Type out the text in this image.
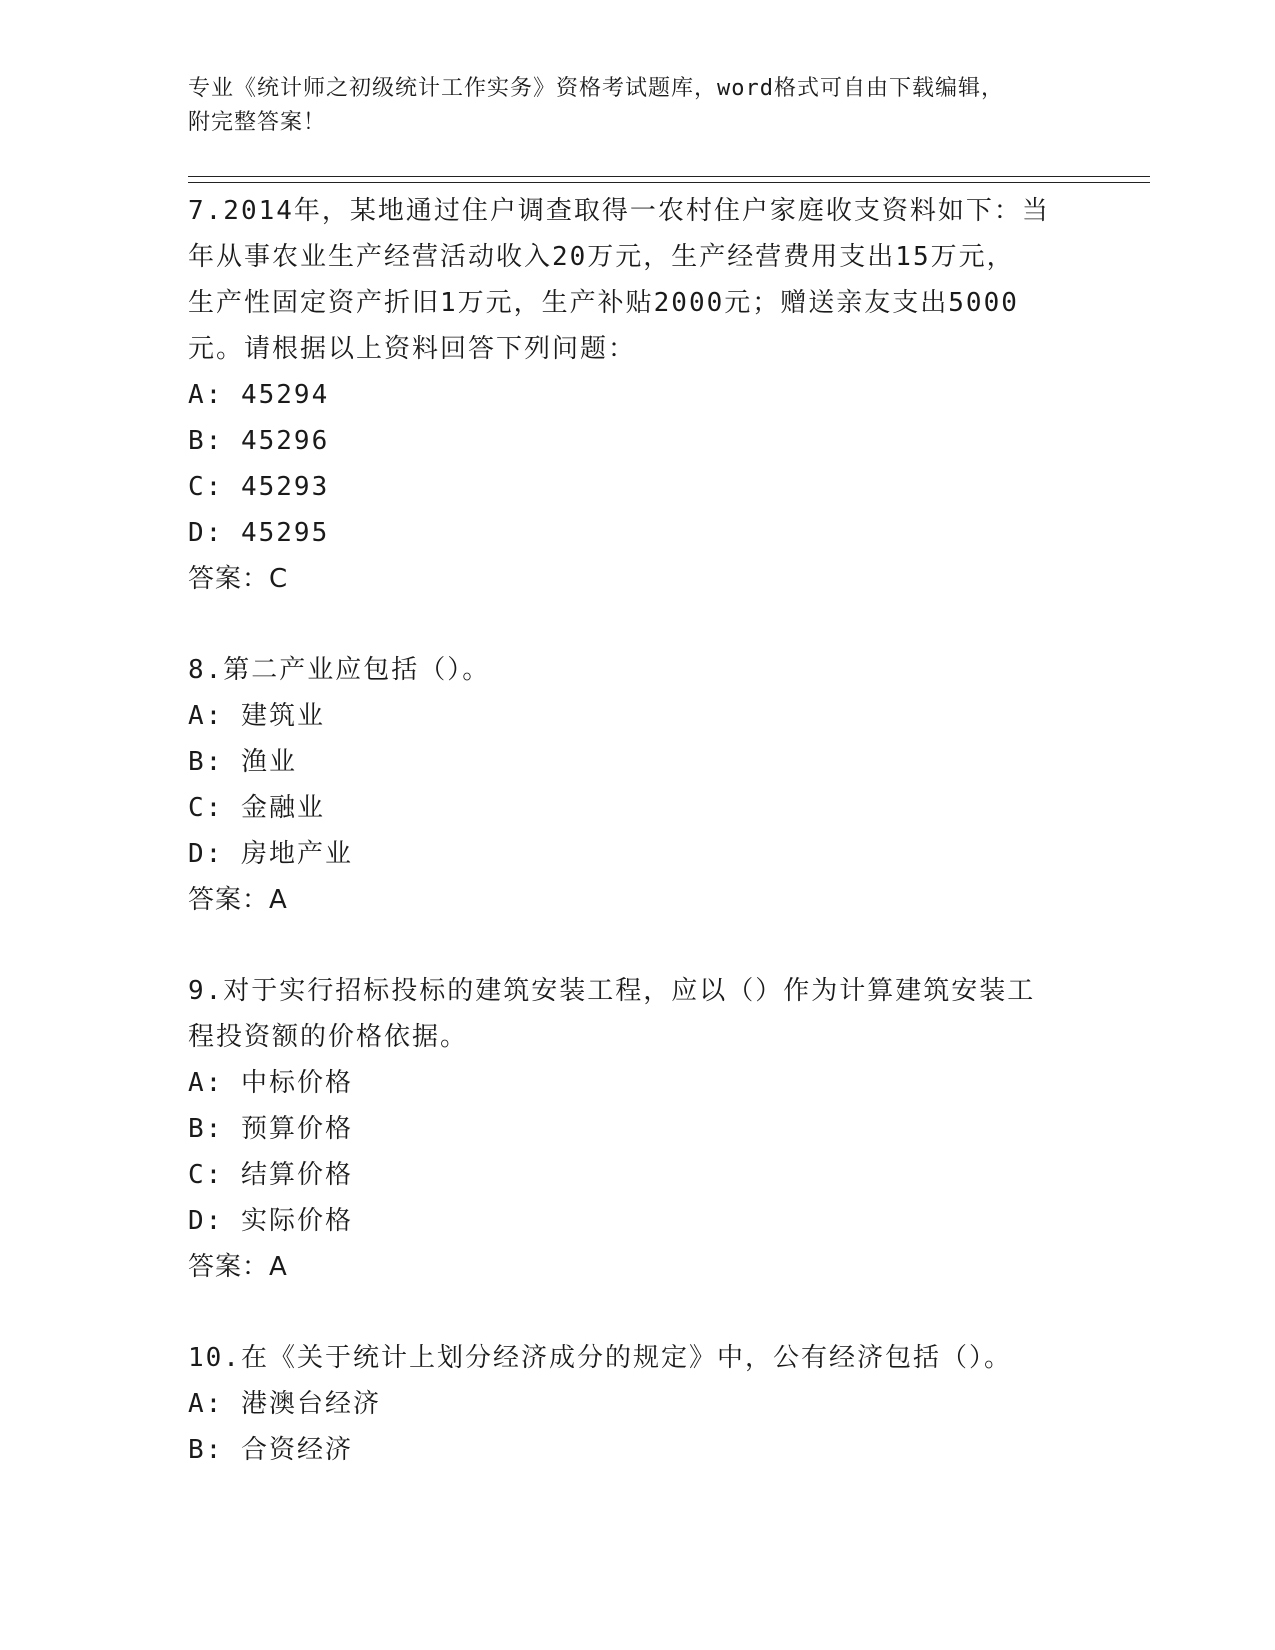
专业《统计师之初级统计工作实务》资格考试题库，word格式可自由下载编辑，
附完整答案！
7.2014年，某地通过住户调查取得一农村住户家庭收支资料如下：当
年从事农业生产经营活动收入20万元，生产经营费用支出15万元，
生产性固定资产折旧1万元，生产补贴2000元；赠送亲友支出5000
元。请根据以上资料回答下列问题：
A: 45294
B: 45296
C: 45293
D: 45295
答案：C
8.第二产业应包括（）。
A: 建筑业
B: 渔业
C: 金融业
D: 房地产业
答案：A
9.对于实行招标投标的建筑安装工程，应以（）作为计算建筑安装工
程投资额的价格依据。
A: 中标价格
B: 预算价格
C: 结算价格
D: 实际价格
答案：A
10.在《关于统计上划分经济成分的规定》中，公有经济包括（）。
A: 港澳台经济
B: 合资经济
